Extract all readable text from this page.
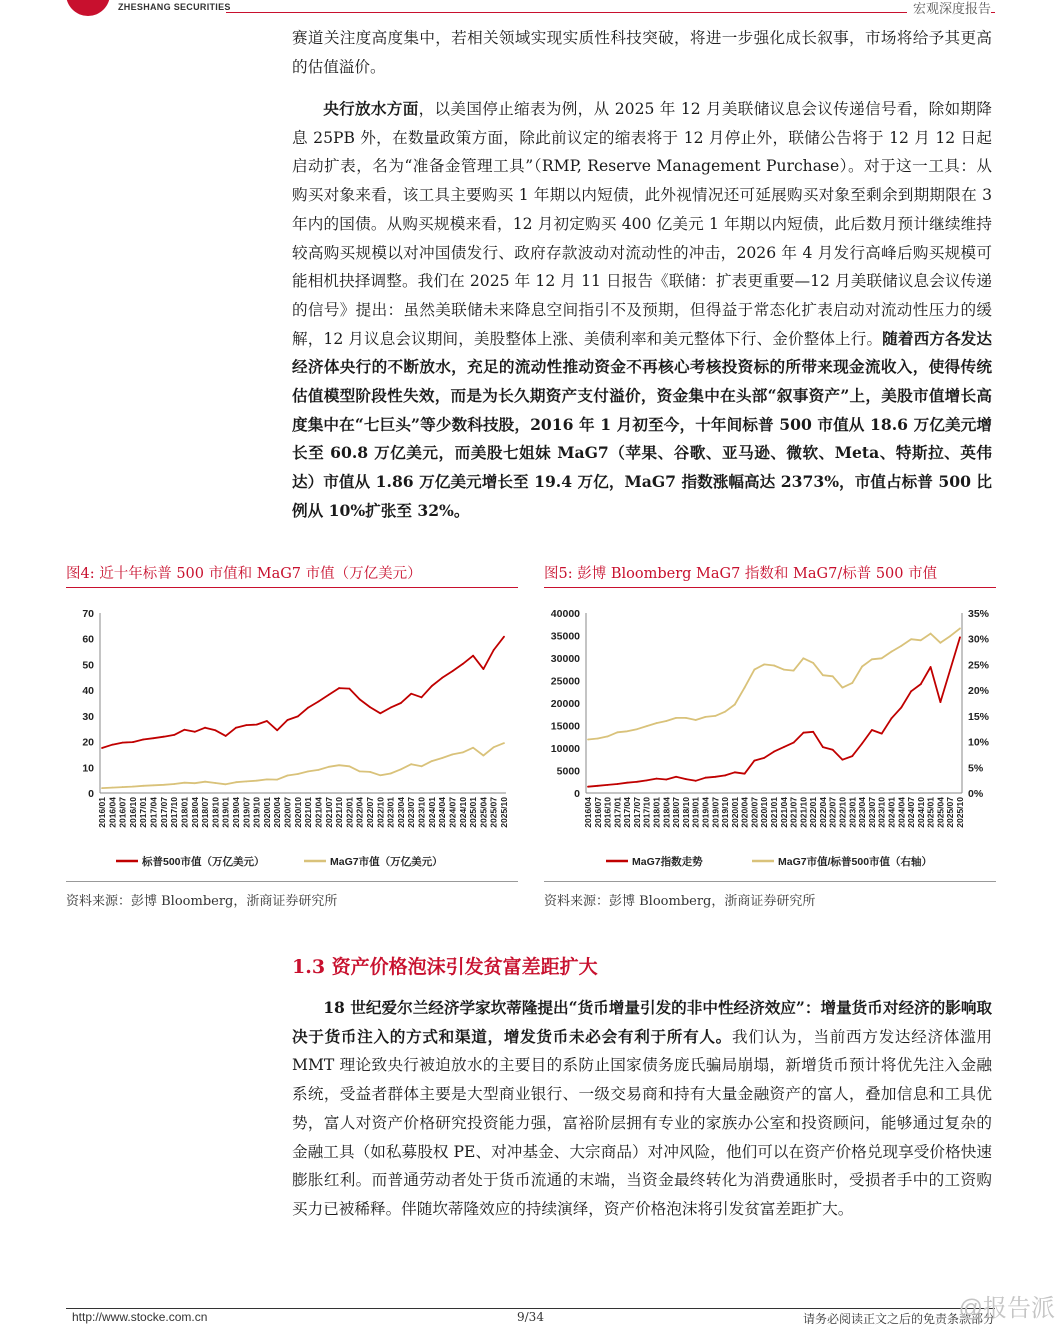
ZHESHANG SECURITIES	宏观深度报告

赛道关注度高度集中，若相关领域实现实质性科技突破，将进一步强化成长叙事，市场将给予其更高的估值溢价。

央行放水方面，以美国停止缩表为例，从 2025 年 12 月美联储议息会议传递信号看，除如期降息 25PB 外，在数量政策方面，除此前议定的缩表将于 12 月停止外，联储公告将于 12 月 12 日起启动扩表，名为“准备金管理工具”（RMP, Reserve Management Purchase）。对于这一工具：从购买对象来看，该工具主要购买 1 年期以内短债，此外视情况还可延展购买对象至剩余到期期限在 3 年内的国债。从购买规模来看，12 月初定购买 400 亿美元 1 年期以内短债，此后数月预计继续维持较高购买规模以对冲国债发行、政府存款波动对流动性的冲击，2026 年 4 月发行高峰后购买规模可能相机抉择调整。我们在 2025 年 12 月 11 日报告《联储：扩表更重要—12 月美联储议息会议传递的信号》提出：虽然美联储未来降息空间指引不及预期，但得益于常态化扩表启动对流动性压力的缓解，12 月议息会议期间，美股整体上涨、美债利率和美元整体下行、金价整体上行。随着西方各发达经济体央行的不断放水，充足的流动性推动资金不再核心考核投资标的所带来现金流收入，使得传统估值模型阶段性失效，而是为长久期资产支付溢价，资金集中在头部“叙事资产”上，美股市值增长高度集中在“七巨头”等少数科技股，2016 年 1 月初至今，十年间标普 500 市值从 18.6 万亿美元增长至 60.8 万亿美元，而美股七姐妹 MaG7（苹果、谷歌、亚马逊、微软、Meta、特斯拉、英伟达）市值从 1.86 万亿美元增长至 19.4 万亿，MaG7 指数涨幅高达 2373%，市值占标普 500 比例从 10%扩张至 32%。

图4: 近十年标普 500 市值和 MaG7 市值（万亿美元）	图5: 彭博 Bloomberg MaG7 指数和 MaG7/标普 500 市值
0
10
20
30
40
50
60
70
2016/01 2016/04 2016/07 2016/10 2017/01 2017/04 2017/07 2017/10 2018/01 2018/04 2018/07 2018/10 2019/01 2019/04 2019/07 2019/10 2020/01 2020/04 2020/07 2020/10 2021/01 2021/04 2021/07 2021/10 2022/01 2022/04 2022/07 2022/10 2023/01 2023/04 2023/07 2023/10 2024/01 2024/04 2024/07 2024/10 2025/01 2025/04 2025/07 2025/10
标普500市值（万亿美元）	MaG7市值（万亿美元）
0
5000
10000
15000
20000
25000
30000
35000
40000
0%
5%
10%
15%
20%
25%
30%
35%
2016/04 2016/07 2016/10 2017/01 2017/04 2017/07 2017/10 2018/01 2018/04 2018/07 2018/10 2019/01 2019/04 2019/07 2019/10 2020/01 2020/04 2020/07 2020/10 2021/01 2021/04 2021/07 2021/10 2022/01 2022/04 2022/07 2022/10 2023/01 2023/04 2023/07 2023/10 2024/01 2024/04 2024/07 2024/10 2025/01 2025/04 2025/07 2025/10
MaG7指数走势	MaG7市值/标普500市值（右轴）
资料来源：彭博 Bloomberg，浙商证券研究所	资料来源：彭博 Bloomberg，浙商证券研究所
1.3 资产价格泡沫引发贫富差距扩大

18 世纪爱尔兰经济学家坎蒂隆提出“货币增量引发的非中性经济效应”：增量货币对经济的影响取决于货币注入的方式和渠道，增发货币未必会有利于所有人。我们认为，当前西方发达经济体滥用 MMT 理论致央行被迫放水的主要目的系防止国家债务庞氏骗局崩塌，新增货币预计将优先注入金融系统，受益者群体主要是大型商业银行、一级交易商和持有大量金融资产的富人，叠加信息和工具优势，富人对资产价格研究投资能力强，富裕阶层拥有专业的家族办公室和投资顾问，能够通过复杂的金融工具（如私募股权 PE、对冲基金、大宗商品）对冲风险，他们可以在资产价格兑现享受价格快速膨胀红利。而普通劳动者处于货币流通的末端，当资金最终转化为消费通胀时，受损者手中的工资购买力已被稀释。伴随坎蒂隆效应的持续演绎，资产价格泡沫将引发贫富差距扩大。

http://www.stocke.com.cn	9/34	请务必阅读正文之后的免责条款部分
@报告派
